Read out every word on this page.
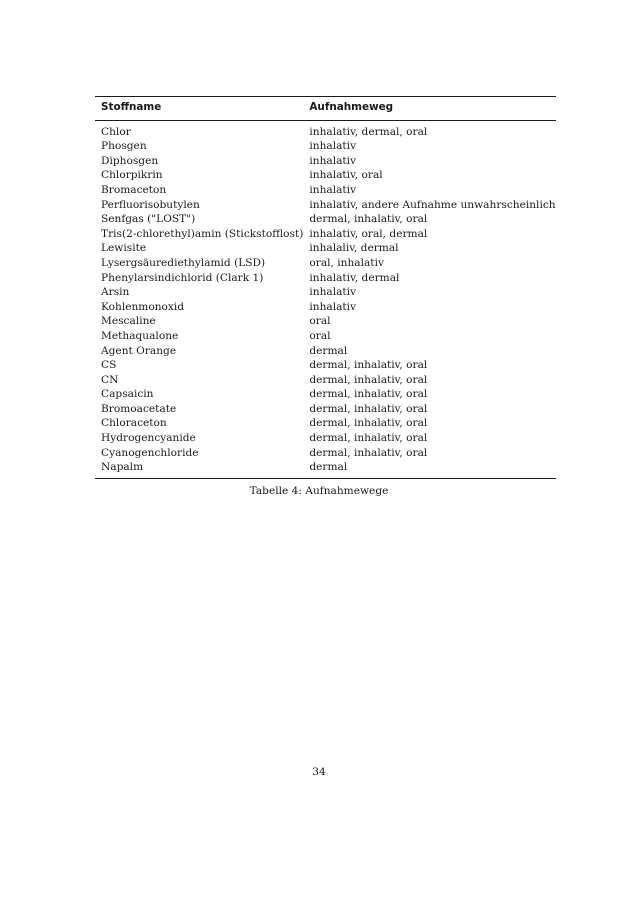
Stoffname	Aufnahmeweg
Chlor	inhalativ, dermal, oral
Phosgen	inhalativ
Diphosgen	inhalativ
Chlorpikrin	inhalativ, oral
Bromaceton	inhalativ
Perfluorisobutylen	inhalativ, andere Aufnahme unwahrscheinlich
Senfgas ("LOST")	dermal, inhalativ, oral
Tris(2-chlorethyl)amin (Stickstofflost)	inhalativ, oral, dermal
Lewisite	inhalaliv, dermal
Lysergsäurediethylamid (LSD)	oral, inhalativ
Phenylarsindichlorid (Clark 1)	inhalativ, dermal
Arsin	inhalativ
Kohlenmonoxid	inhalativ
Mescaline	oral
Methaqualone	oral
Agent Orange	dermal
CS	dermal, inhalativ, oral
CN	dermal, inhalativ, oral
Capsaicin	dermal, inhalativ, oral
Bromoacetate	dermal, inhalativ, oral
Chloraceton	dermal, inhalativ, oral
Hydrogencyanide	dermal, inhalativ, oral
Cyanogenchloride	dermal, inhalativ, oral
Napalm	dermal
Tabelle 4: Aufnahmewege
34
